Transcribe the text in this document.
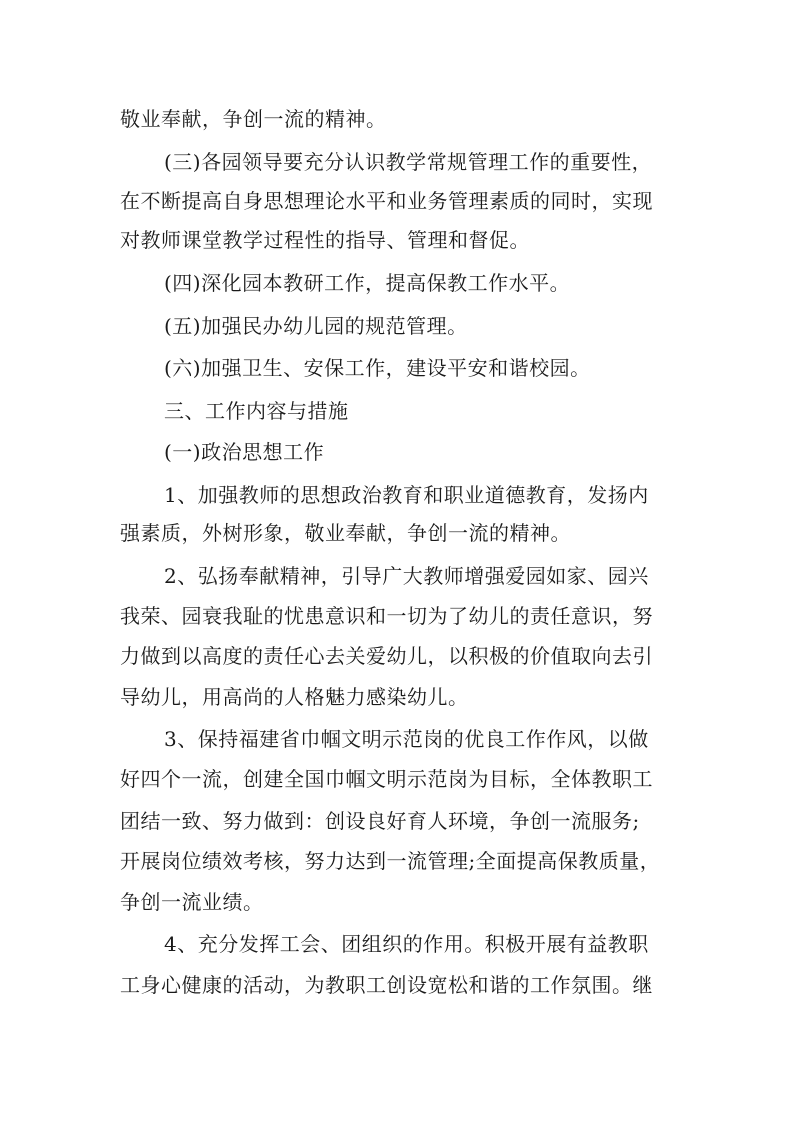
敬业奉献，争创一流的精神。
(三)各园领导要充分认识教学常规管理工作的重要性，
在不断提高自身思想理论水平和业务管理素质的同时，实现
对教师课堂教学过程性的指导、管理和督促。
(四)深化园本教研工作，提高保教工作水平。
(五)加强民办幼儿园的规范管理。
(六)加强卫生、安保工作，建设平安和谐校园。
三、工作内容与措施
(一)政治思想工作
1、加强教师的思想政治教育和职业道德教育，发扬内
强素质，外树形象，敬业奉献，争创一流的精神。
2、弘扬奉献精神，引导广大教师增强爱园如家、园兴
我荣、园衰我耻的忧患意识和一切为了幼儿的责任意识，努
力做到以高度的责任心去关爱幼儿，以积极的价值取向去引
导幼儿，用高尚的人格魅力感染幼儿。
3、保持福建省巾帼文明示范岗的优良工作作风，以做
好四个一流，创建全国巾帼文明示范岗为目标，全体教职工
团结一致、努力做到：创设良好育人环境，争创一流服务;
开展岗位绩效考核，努力达到一流管理;全面提高保教质量，
争创一流业绩。
4、充分发挥工会、团组织的作用。积极开展有益教职
工身心健康的活动，为教职工创设宽松和谐的工作氛围。继
